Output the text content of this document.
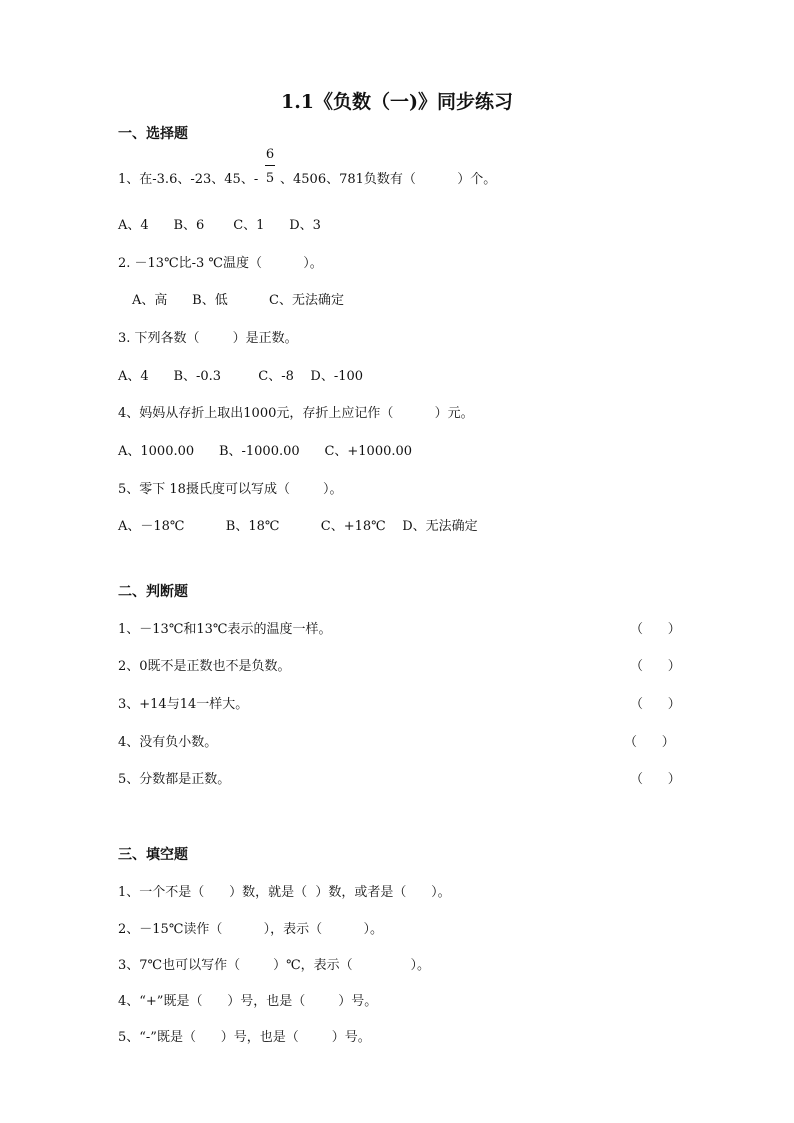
1.1《负数（一)》同步练习
一、选择题
1、在-3.6、-23、45、-
6
5 、4506、781负数有（          ）个。
A、4      B、6       C、1      D、3
2. －13℃比-3 ℃温度（          ）。
A、高      B、低          C、无法确定
3. 下列各数（        ）是正数。
A、4      B、-0.3         C、-8    D、-100
4、妈妈从存折上取出1000元，存折上应记作（          ）元。
A、1000.00      B、-1000.00      C、+1000.00
5、零下 18摄氏度可以写成（        ）。
A、－18℃          B、18℃          C、+18℃    D、无法确定
二、判断题
1、－13℃和13℃表示的温度一样。	（      ）
2、0既不是正数也不是负数。	（      ）
3、+14与14一样大。	（      ）
4、没有负小数。	（      ）
5、分数都是正数。	（      ）
三、填空题
1、一个不是（      ）数，就是（  ）数，或者是（      ）。
2、－15℃读作（          ），表示（          ）。
3、7℃也可以写作（        ）℃，表示（              ）。
4、“+”既是（      ）号，也是（        ）号。
5、“-”既是（      ）号，也是（        ）号。
